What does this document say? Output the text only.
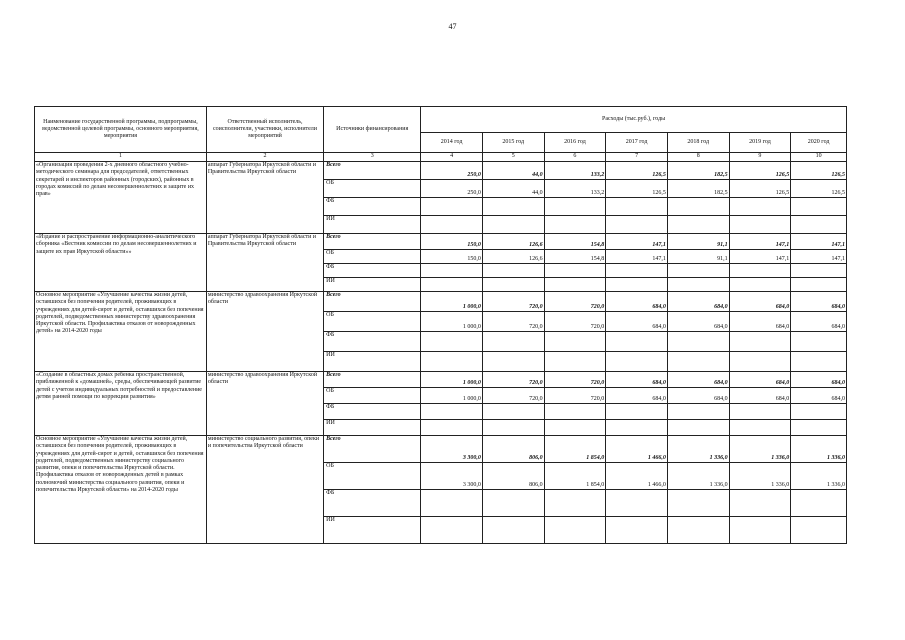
47
Наименование государственной программы, подпрограммы, ведомственной целевой программы, основного мероприятия, мероприятия	Ответственный исполнитель, соисполнители, участники, исполнители мероприятий	Источники финансирования	Расходы (тыс.руб.), годы						
			2014 год	2015 год	2016 год	2017 год	2018 год	2019 год	2020 год
1	2	3	4	5	6	7	8	9	10
«Организация проведения 2-х дневного областного учебно-методического семинара для председателей, ответственных секретарей и инспекторов районных (городских), районных в городах комиссий по делам несовершеннолетних и защите их прав»	аппарат Губернатора Иркутской области и Правительства Иркутской области	Всего	250,0	44,0	133,2	126,5	182,5	126,5	126,5
		ОБ	250,0	44,0	133,2	126,5	182,5	126,5	126,5
		ФБ							
		ИИ							
«Издание и распространение информационно-аналитического сборника «Вестник комиссии по делам несовершеннолетних и защите их прав Иркутской области»»	аппарат Губернатора Иркутской области и Правительства Иркутской области	Всего	150,0	126,6	154,8	147,1	91,1	147,1	147,1
		ОБ	150,0	126,6	154,8	147,1	91,1	147,1	147,1
		ФБ							
		ИИ							
Основное мероприятие «Улучшение качества жизни детей, оставшихся без попечения родителей, проживающих в учреждениях для детей-сирот и детей, оставшихся без попечения родителей, подведомственных министерству здравоохранения Иркутской области. Профилактика отказов от новорожденных детей» на 2014-2020 годы	министерство здравоохранения Иркутской области	Всего	1 000,0	720,0	720,0	684,0	684,0	684,0	684,0
		ОБ	1 000,0	720,0	720,0	684,0	684,0	684,0	684,0
		ФБ							
		ИИ							
«Создание в областных домах ребенка пространственной, приближенной к «домашней», среды, обеспечивающей развитие детей с учетом индивидуальных потребностей и предоставление детям ранней помощи по коррекции развития»	министерство здравоохранения Иркутской области	Всего	1 000,0	720,0	720,0	684,0	684,0	684,0	684,0
		ОБ	1 000,0	720,0	720,0	684,0	684,0	684,0	684,0
		ФБ							
		ИИ							
Основное мероприятие «Улучшение качества жизни детей, оставшихся без попечения родителей, проживающих в учреждениях для детей-сирот и детей, оставшихся без попечения родителей, подведомственных министерству социального развития, опеки и попечительства Иркутской области. Профилактика отказов от новорожденных детей в рамках полномочий министерства социального развития, опеки и попечительства Иркутской области» на 2014-2020 годы	министерство социального развития, опеки и попечительства Иркутской области	Всего	3 300,0	806,0	1 854,0	1 466,0	1 336,0	1 336,0	1 336,0
		ОБ	3 300,0	806,0	1 854,0	1 466,0	1 336,0	1 336,0	1 336,0
		ФБ							
		ИИ							
